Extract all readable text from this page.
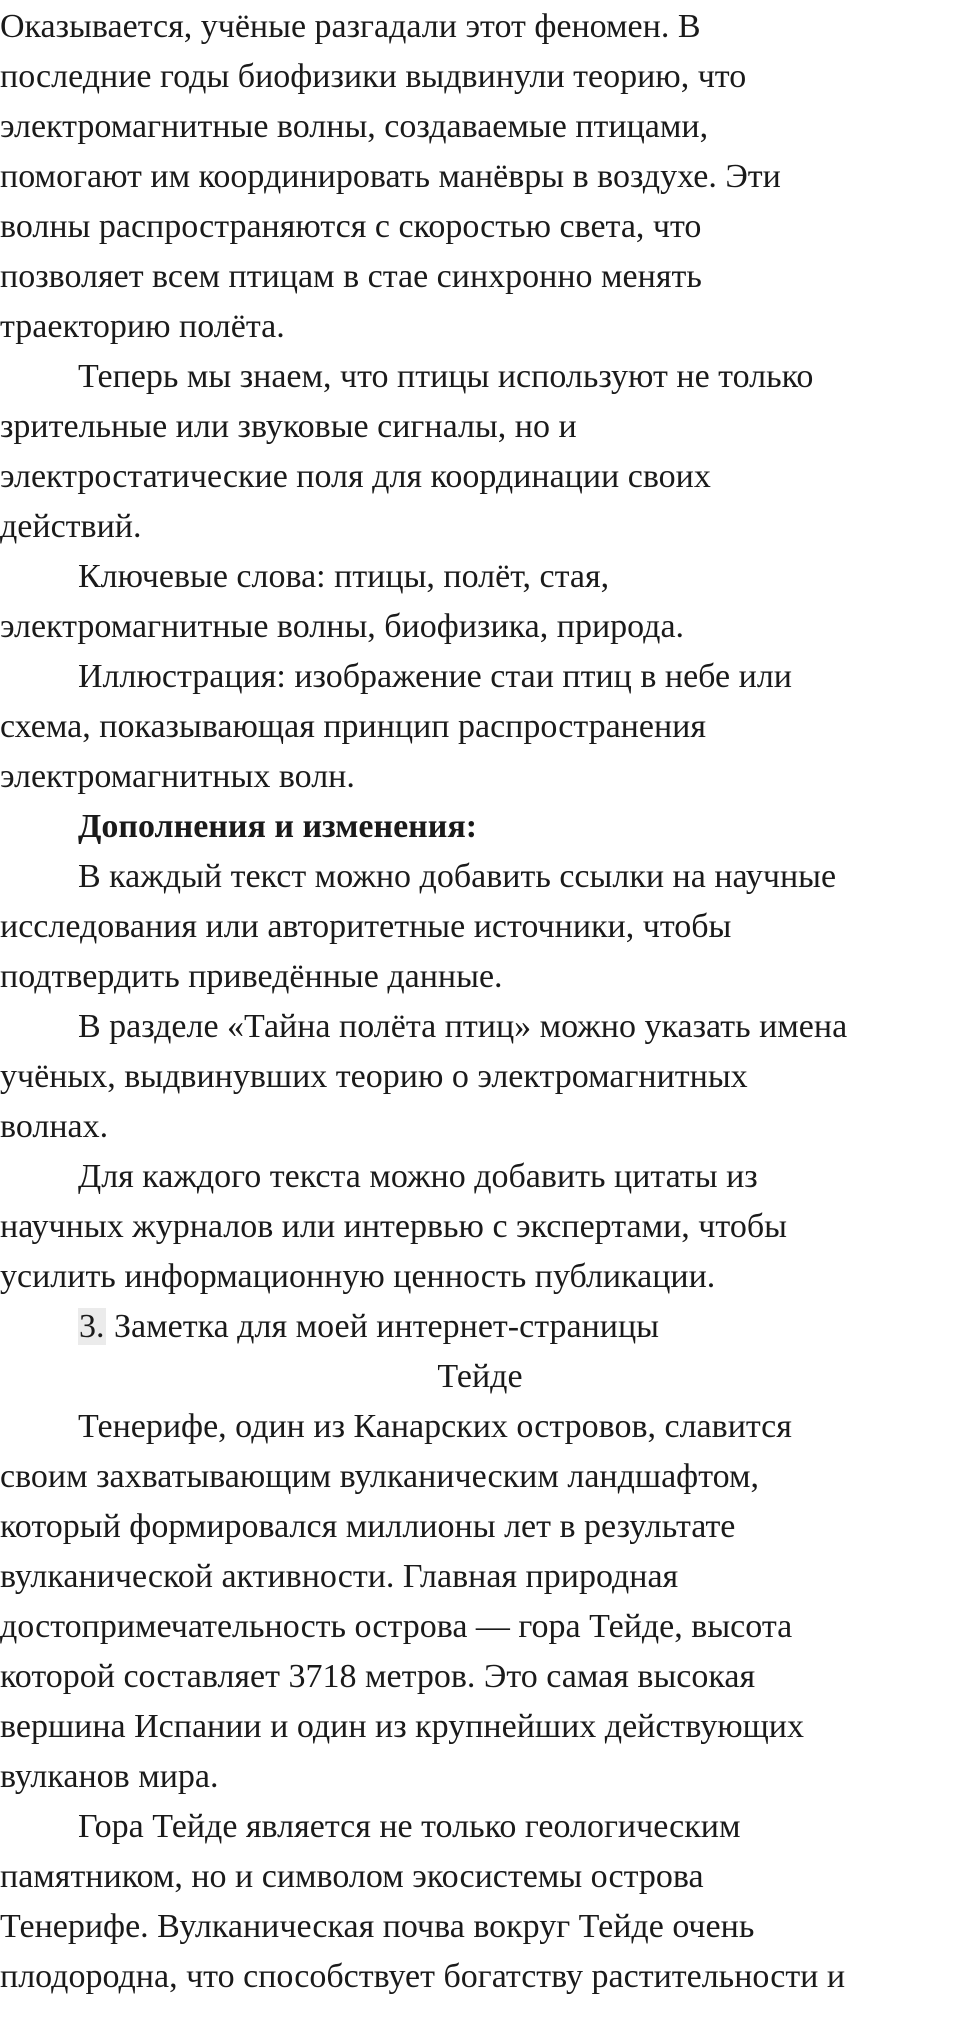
Оказывается, учёные разгадали этот феномен. В
последние годы биофизики выдвинули теорию, что
электромагнитные волны, создаваемые птицами,
помогают им координировать манёвры в воздухе. Эти
волны распространяются с скоростью света, что
позволяет всем птицам в стае синхронно менять
траекторию полёта.
Теперь мы знаем, что птицы используют не только
зрительные или звуковые сигналы, но и
электростатические поля для координации своих
действий.
Ключевые слова: птицы, полёт, стая,
электромагнитные волны, биофизика, природа.
Иллюстрация: изображение стаи птиц в небе или
схема, показывающая принцип распространения
электромагнитных волн.
Дополнения и изменения:
В каждый текст можно добавить ссылки на научные
исследования или авторитетные источники, чтобы
подтвердить приведённые данные.
В разделе «Тайна полёта птиц» можно указать имена
учёных, выдвинувших теорию о электромагнитных
волнах.
Для каждого текста можно добавить цитаты из
научных журналов или интервью с экспертами, чтобы
усилить информационную ценность публикации.
3. Заметка для моей интернет-страницы
Тейде
Тенерифе, один из Канарских островов, славится
своим захватывающим вулканическим ландшафтом,
который формировался миллионы лет в результате
вулканической активности. Главная природная
достопримечательность острова — гора Тейде, высота
которой составляет 3718 метров. Это самая высокая
вершина Испании и один из крупнейших действующих
вулканов мира.
Гора Тейде является не только геологическим
памятником, но и символом экосистемы острова
Тенерифе. Вулканическая почва вокруг Тейде очень
плодородна, что способствует богатству растительности и
